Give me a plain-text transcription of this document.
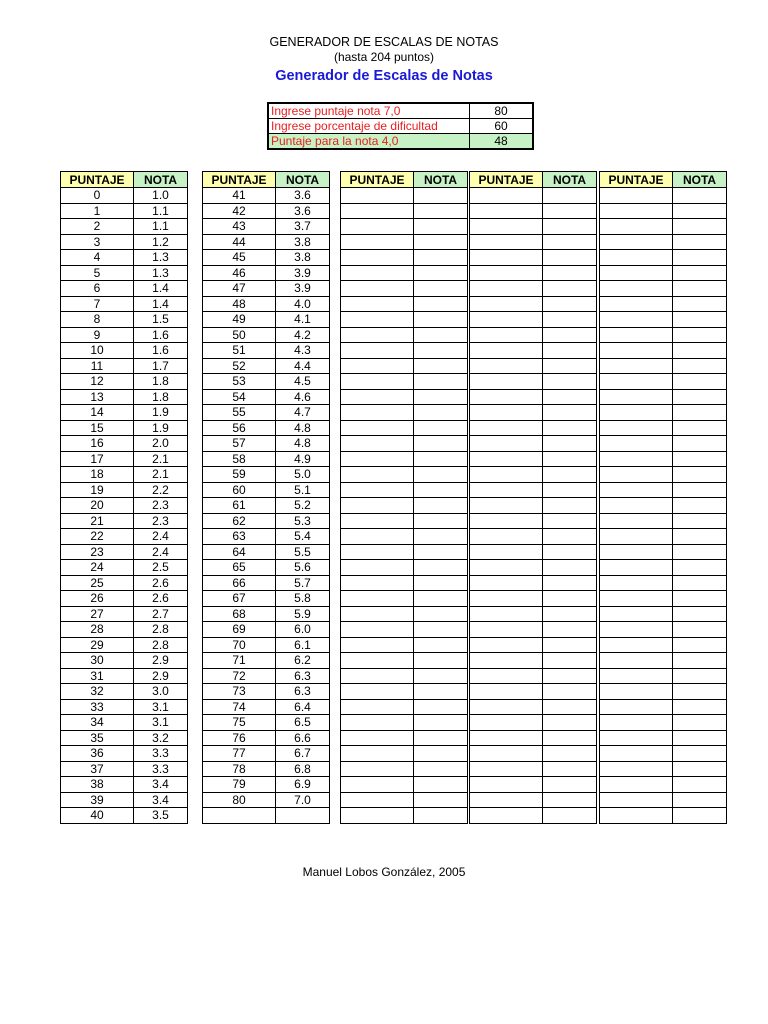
GENERADOR DE ESCALAS DE NOTAS
(hasta 204 puntos)
Generador de Escalas de Notas
Ingrese puntaje nota 7,0	80
Ingrese porcentaje de dificultad	60
Puntaje para la nota 4,0	48
PUNTAJE	NOTA
0	1.0
1	1.1
2	1.1
3	1.2
4	1.3
5	1.3
6	1.4
7	1.4
8	1.5
9	1.6
10	1.6
11	1.7
12	1.8
13	1.8
14	1.9
15	1.9
16	2.0
17	2.1
18	2.1
19	2.2
20	2.3
21	2.3
22	2.4
23	2.4
24	2.5
25	2.6
26	2.6
27	2.7
28	2.8
29	2.8
30	2.9
31	2.9
32	3.0
33	3.1
34	3.1
35	3.2
36	3.3
37	3.3
38	3.4
39	3.4
40	3.5
PUNTAJE	NOTA
41	3.6
42	3.6
43	3.7
44	3.8
45	3.8
46	3.9
47	3.9
48	4.0
49	4.1
50	4.2
51	4.3
52	4.4
53	4.5
54	4.6
55	4.7
56	4.8
57	4.8
58	4.9
59	5.0
60	5.1
61	5.2
62	5.3
63	5.4
64	5.5
65	5.6
66	5.7
67	5.8
68	5.9
69	6.0
70	6.1
71	6.2
72	6.3
73	6.3
74	6.4
75	6.5
76	6.6
77	6.7
78	6.8
79	6.9
80	7.0

PUNTAJE	NOTA

	PUNTAJE	NOTA

	PUNTAJE	NOTA

Manuel Lobos González, 2005
